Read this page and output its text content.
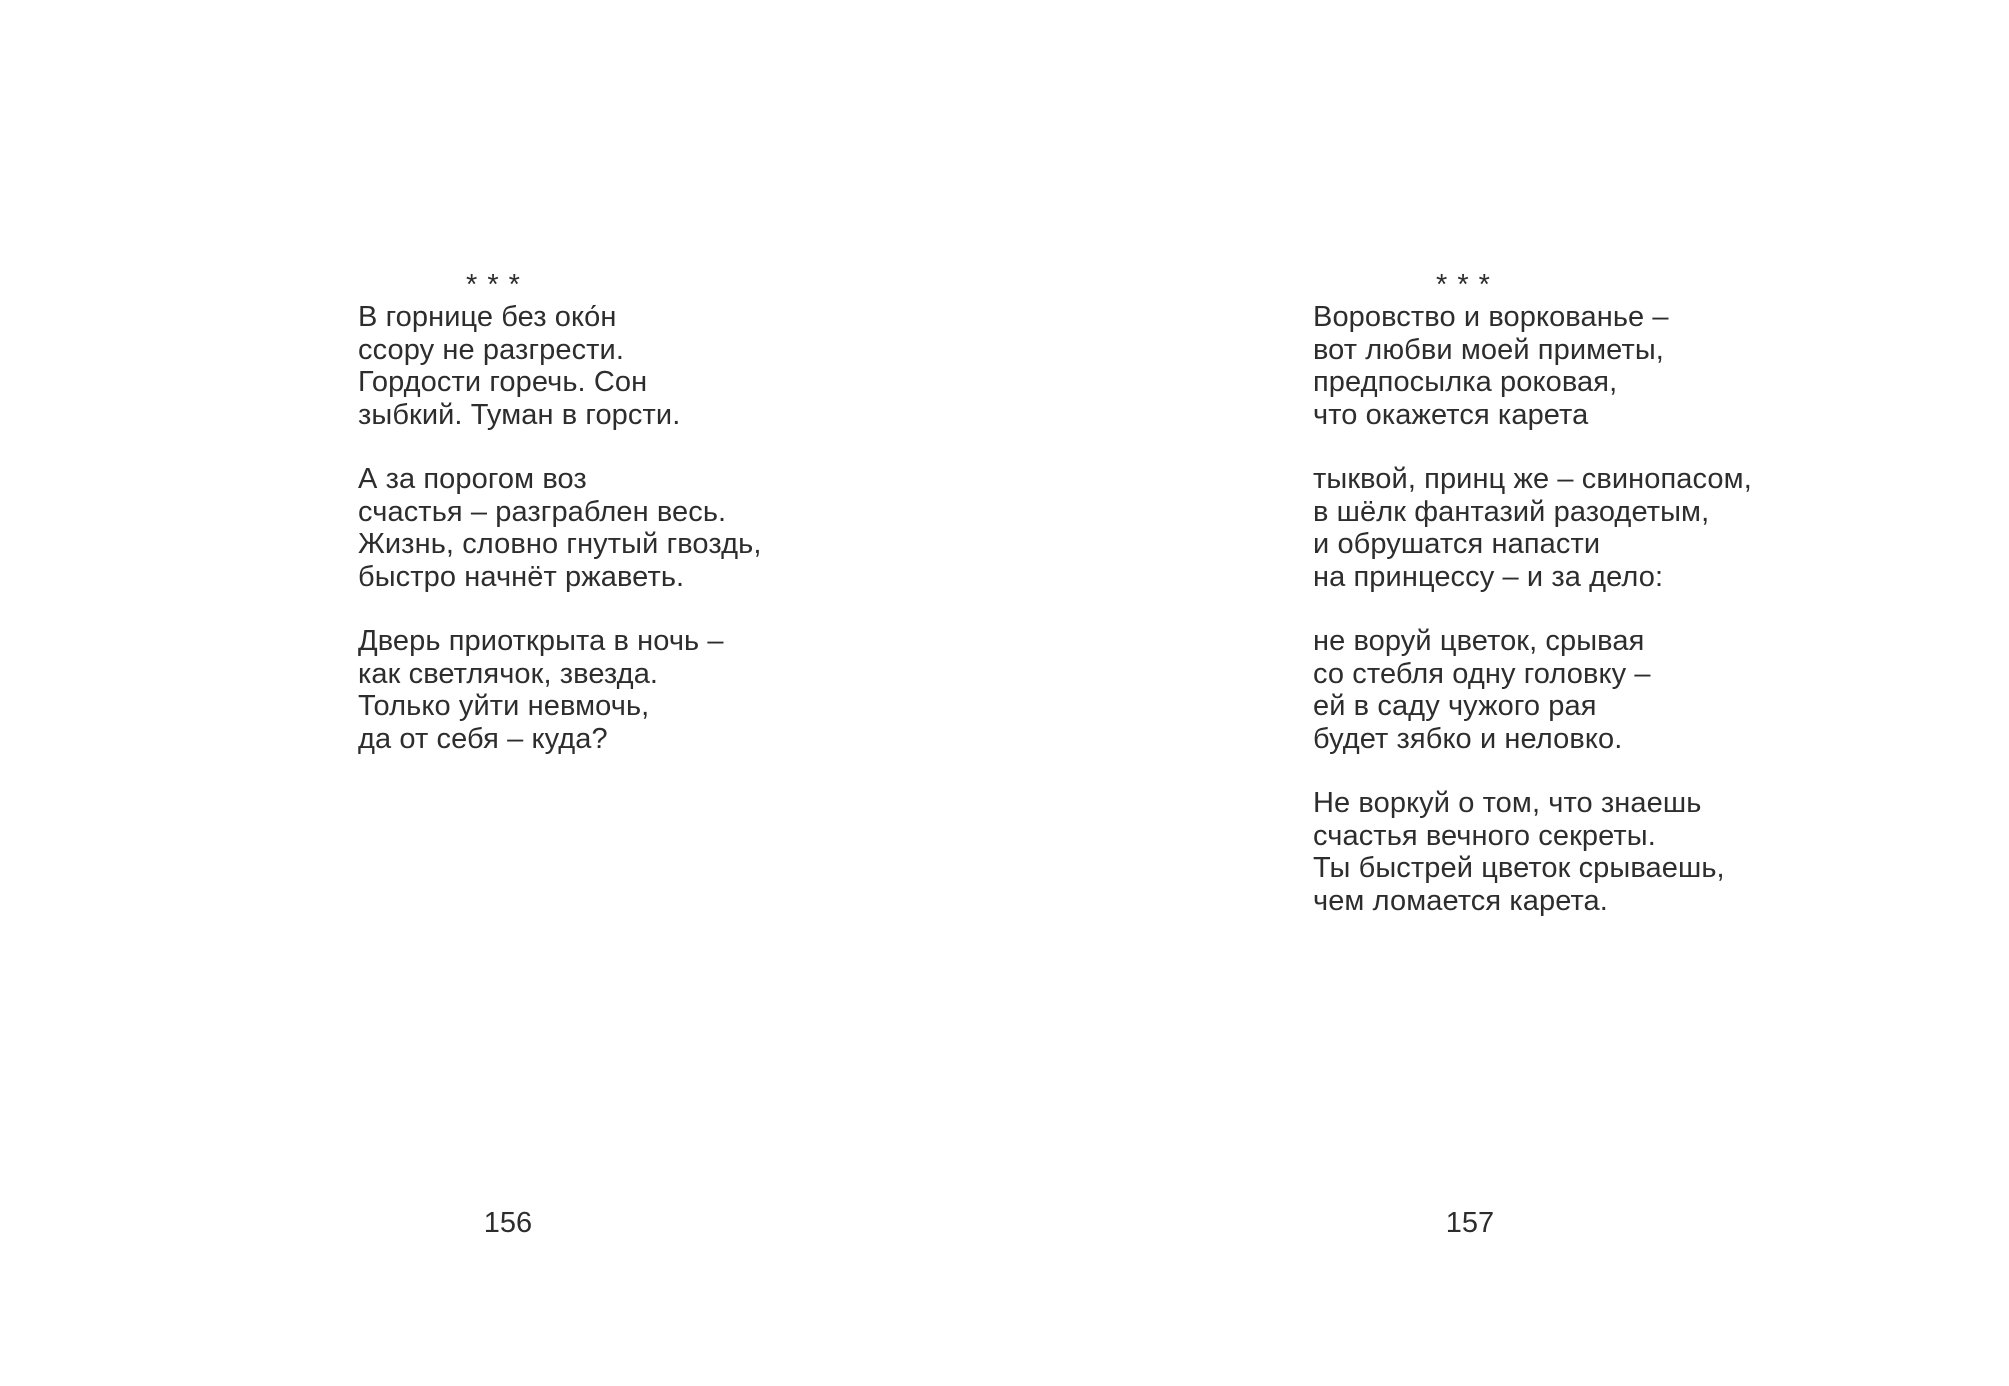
* * *
В горнице без око́н
ссору не разгрести.
Гордости горечь. Сон
зыбкий. Туман в горсти.
А за порогом воз
счастья – разграблен весь.
Жизнь, словно гнутый гвоздь,
быстро начнёт ржаветь.
Дверь приоткрыта в ночь –
как светлячок, звезда.
Только уйти невмочь,
да от себя – куда?
156
* * *
Воровство и воркованье –
вот любви моей приметы,
предпосылка роковая,
что окажется карета
тыквой, принц же – свинопасом,
в шёлк фантазий разодетым,
и обрушатся напасти
на принцессу – и за дело:
не воруй цветок, срывая
со стебля одну головку –
ей в саду чужого рая
будет зябко и неловко.
Не воркуй о том, что знаешь
счастья вечного секреты.
Ты быстрей цветок срываешь,
чем ломается карета.
157
